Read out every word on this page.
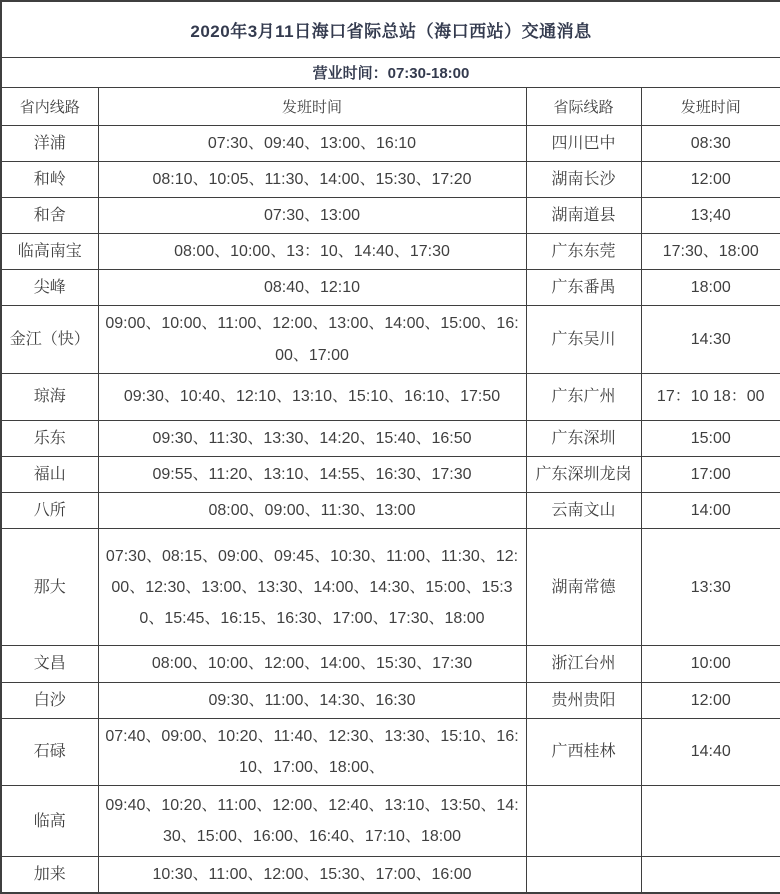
2020年3月11日海口省际总站（海口西站）交通消息			
营业时间：07:30-18:00			
省内线路	发班时间	省际线路	发班时间
洋浦	07:30、09:40、13:00、16:10	四川巴中	08:30
和岭	08:10、10:05、11:30、14:00、15:30、17:20	湖南长沙	12:00
和舍	07:30、13:00	湖南道县	13;40
临高南宝	08:00、10:00、13：10、14:40、17:30	广东东莞	17:30、18:00
尖峰	08:40、12:10	广东番禺	18:00
金江（快）	09:00、10:00、11:00、12:00、13:00、14:00、15:00、16:00、17:00	广东吴川	14:30
琼海	09:30、10:40、12:10、13:10、15:10、16:10、17:50	广东广州	17：10 18：00
乐东	09:30、11:30、13:30、14:20、15:40、16:50	广东深圳	15:00
福山	09:55、11:20、13:10、14:55、16:30、17:30	广东深圳龙岗	17:00
八所	08:00、09:00、11:30、13:00	云南文山	14:00
那大	07:30、08:15、09:00、09:45、10:30、11:00、11:30、12:00、12:30、13:00、13:30、14:00、14:30、15:00、15:30、15:45、16:15、16:30、17:00、17:30、18:00	湖南常德	13:30
文昌	08:00、10:00、12:00、14:00、15:30、17:30	浙江台州	10:00
白沙	09:30、11:00、14:30、16:30	贵州贵阳	12:00
石碌	07:40、09:00、10:20、11:40、12:30、13:30、15:10、16:10、17:00、18:00、	广西桂林	14:40
临高	09:40、10:20、11:00、12:00、12:40、13:10、13:50、14:30、15:00、16:00、16:40、17:10、18:00		
加来	10:30、11:00、12:00、15:30、17:00、16:00		
